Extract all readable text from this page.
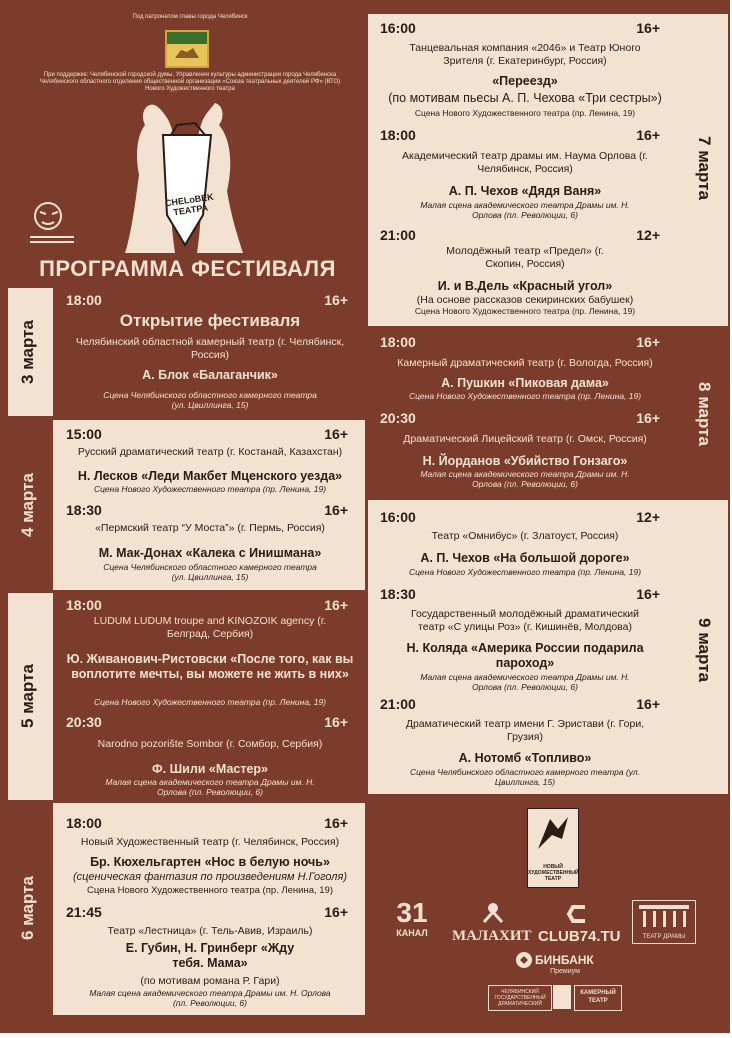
Под патронатом главы города Челябинск
При поддержке: Челябинской городской думы, Управления культуры администрации города Челябинска Челябинского областного отделения общественной организации «Союза театральных деятелей РФ» (ВТО) Нового Художественного театра
CHELoBEK ТЕАТРА
ПРОГРАММА ФЕСТИВАЛЯ
3 марта
18:00	16+
Открытие фестиваля
Челябинский областной камерный театр (г. Челябинск, Россия)
А. Блок «Балаганчик»
Сцена Челябинского областного камерного театра (ул. Цвиллинга, 15)
4 марта
15:00	16+
Русский драматический театр (г. Костанай, Казахстан)
Н. Лесков «Леди Макбет Мценского уезда»
Сцена Нового Художественного театра (пр. Ленина, 19)
18:30	16+
«Пермский театр “У Моста”» (г. Пермь, Россия)
М. Мак-Донах «Калека с Инишмана»
Сцена Челябинского областного камерного театра (ул. Цвиллинга, 15)
5 марта
18:00	16+
LUDUM LUDUM troupe and KINOZOIK agency (г. Белград, Сербия)
Ю. Живанович-Ристовски «После того, как вы воплотите мечты, вы можете не жить в них»
Сцена Нового Художественного театра (пр. Ленина, 19)
20:30	16+
Narodno pozorište Sombor (г. Сомбор, Сербия)
Ф. Шили «Мастер»
Малая сцена академического театра Драмы им. Н. Орлова (пл. Революции, 6)
6 марта
18:00	16+
Новый Художественный театр (г. Челябинск, Россия)
Бр. Кюхельгартен «Нос в белую ночь»
(сценическая фантазия по произведениям Н.Гоголя)
Сцена Нового Художественного театра (пр. Ленина, 19)
21:45	16+
Театр «Лестница» (г. Тель-Авив, Израиль)
Е. Губин, Н. Гринберг «Жду тебя. Мама»
(по мотивам романа Р. Гари)
Малая сцена академического театра Драмы им. Н. Орлова (пл. Революции, 6)
7 марта
16:00	16+
Танцевальная компания «2046» и Театр Юного Зрителя (г. Екатеринбург, Россия)
«Переезд»
(по мотивам пьесы А. П. Чехова «Три сестры»)
Сцена Нового Художественного театра (пр. Ленина, 19)
18:00	16+
Академический театр драмы им. Наума Орлова (г. Челябинск, Россия)
А. П. Чехов «Дядя Ваня»
Малая сцена академического театра Драмы им. Н. Орлова (пл. Революции, 6)
21:00	12+
Молодёжный театр «Предел» (г. Скопин, Россия)
И. и В.Дель «Красный угол»
(На основе рассказов секиринских бабушек)
Сцена Нового Художественного театра (пр. Ленина, 19)
8 марта
18:00	16+
Камерный драматический театр (г. Вологда, Россия)
А. Пушкин «Пиковая дама»
Сцена Нового Художественного театра (пр. Ленина, 19)
20:30	16+
Драматический Лицейский театр (г. Омск, Россия)
Н. Йорданов «Убийство Гонзаго»
Малая сцена академического театра Драмы им. Н. Орлова (пл. Революции, 6)
9 марта
16:00	12+
Театр «Омнибус» (г. Златоуст, Россия)
А. П. Чехов «На большой дороге»
Сцена Нового Художественного театра (пр. Ленина, 19)
18:30	16+
Государственный молодёжный драматический театр «С улицы Роз» (г. Кишинёв, Молдова)
Н. Коляда «Америка России подарила пароход»
Малая сцена академического театра Драмы им. Н. Орлова (пл. Революции, 6)
21:00	16+
Драматический театр имени Г. Эристави (г. Гори, Грузия)
А. Нотомб «Топливо»
Сцена Челябинского областного камерного театра (ул. Цвиллинга, 15)
НОВЫЙ ХУДОЖЕСТВЕННЫЙ ТЕАТР
31
КАНАЛ МАЛАХИТ CLUB74.TU	ТЕАТР ДРАМЫ
БИНБАНК
Премиум
ЧЕЛЯБИНСКИЙ ГОСУДАРСТВЕННЫЙ ДРАМАТИЧЕСКИЙ
КАМЕРНЫЙ ТЕАТР
